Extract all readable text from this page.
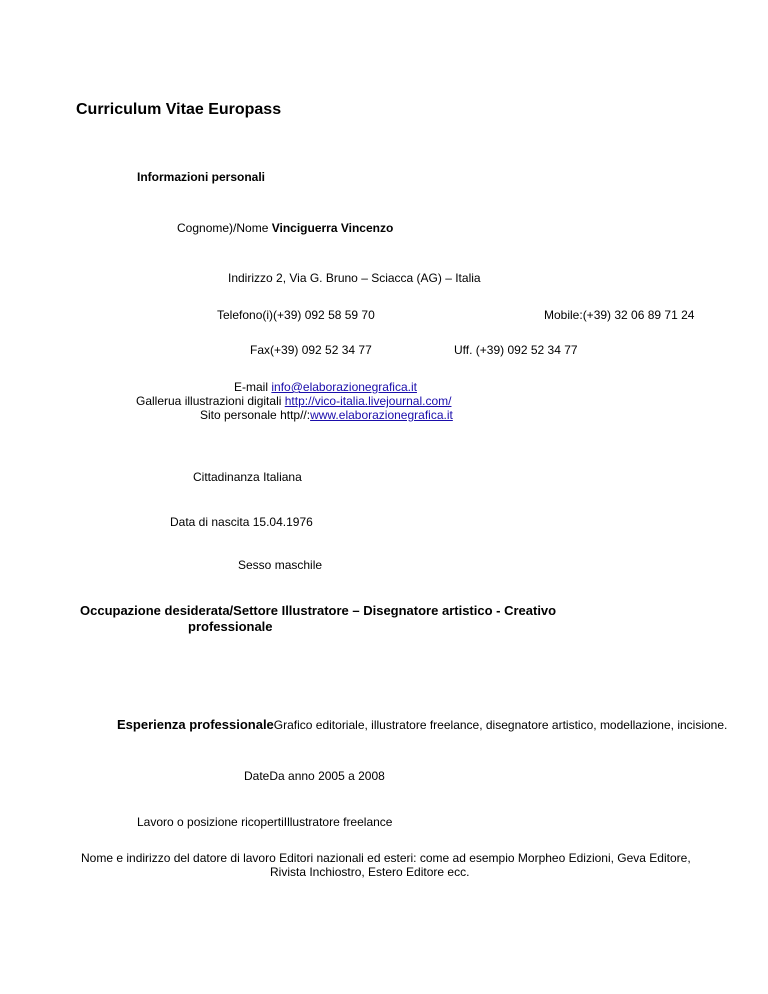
Curriculum Vitae Europass
Informazioni personali
Cognome)/Nome Vinciguerra Vincenzo
Indirizzo 2, Via G. Bruno – Sciacca (AG) – Italia
Telefono(i)(+39) 092 58 59 70	Mobile:(+39) 32 06 89 71 24
Fax(+39) 092 52 34 77	Uff. (+39) 092 52 34 77
E-mail info@elaborazionegrafica.it
Gallerua illustrazioni digitali http://vico-italia.livejournal.com/
Sito personale http//:www.elaborazionegrafica.it
Cittadinanza Italiana
Data di nascita 15.04.1976
Sesso maschile
Occupazione desiderata/Settore Illustratore – Disegnatore artistico - Creativo
professionale
Esperienza professionaleGrafico editoriale, illustratore freelance, disegnatore artistico, modellazione, incisione.
DateDa anno 2005 a 2008
Lavoro o posizione ricopertiIllustratore freelance
Nome e indirizzo del datore di lavoro Editori nazionali ed esteri: come ad esempio Morpheo Edizioni, Geva Editore,
Rivista Inchiostro, Estero Editore ecc.
